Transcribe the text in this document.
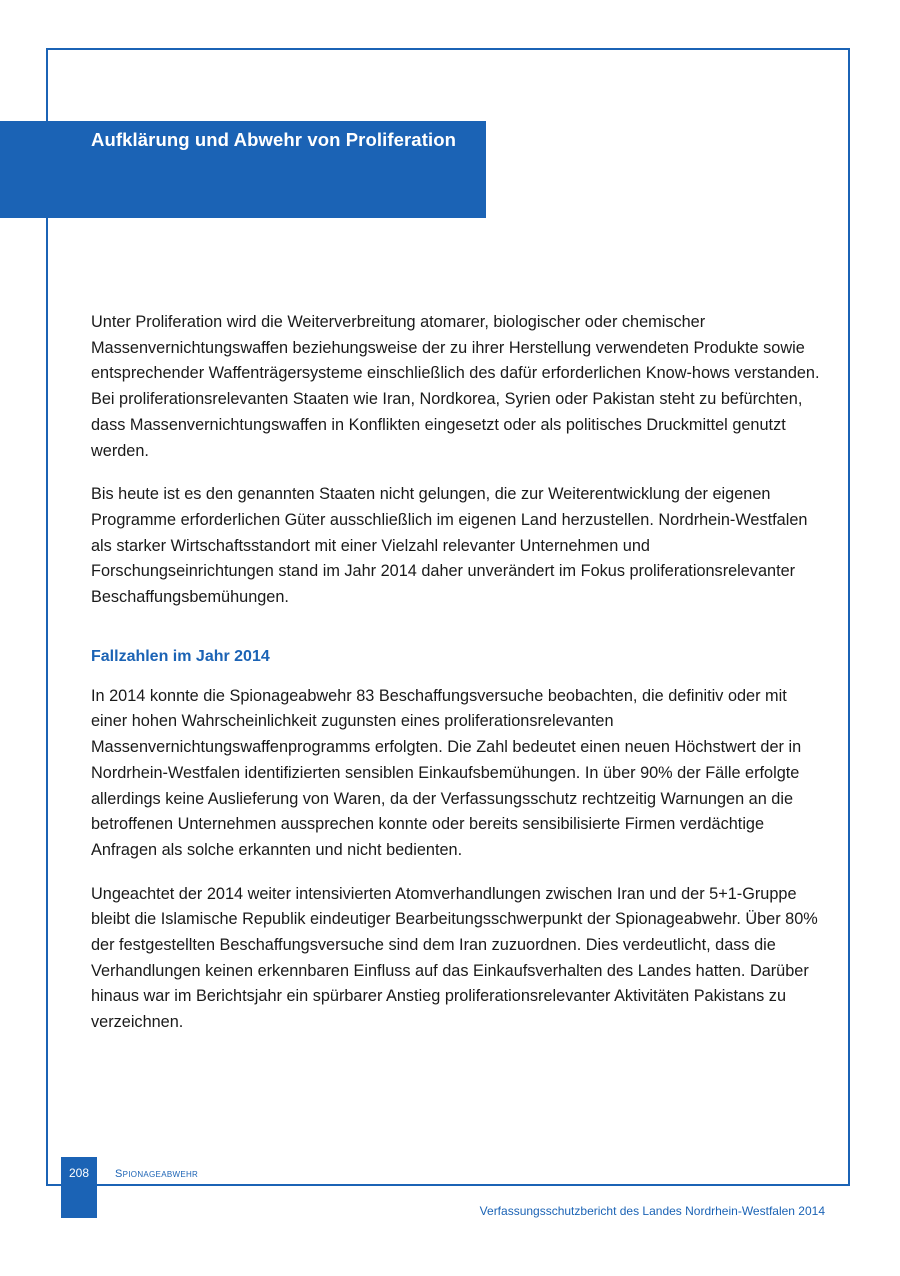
Aufklärung und Abwehr von Proliferation

Unter Proliferation wird die Weiterverbreitung atomarer, biologischer oder chemischer Massenvernichtungswaffen beziehungsweise der zu ihrer Herstellung verwendeten Produkte sowie entsprechender Waffenträgersysteme einschließlich des dafür erforderlichen Know-hows verstanden. Bei proliferationsrelevanten Staaten wie Iran, Nordkorea, Syrien oder Pakistan steht zu befürchten, dass Massenvernichtungswaffen in Konflikten eingesetzt oder als politisches Druckmittel genutzt werden.

Bis heute ist es den genannten Staaten nicht gelungen, die zur Weiterentwicklung der eigenen Programme erforderlichen Güter ausschließlich im eigenen Land herzustellen. Nordrhein-Westfalen als starker Wirtschaftsstandort mit einer Vielzahl relevanter Unternehmen und Forschungseinrichtungen stand im Jahr 2014 daher unverändert im Fokus proliferationsrelevanter Beschaffungsbemühungen.

Fallzahlen im Jahr 2014

In 2014 konnte die Spionageabwehr 83 Beschaffungsversuche beobachten, die definitiv oder mit einer hohen Wahrscheinlichkeit zugunsten eines proliferationsrelevanten Massenvernichtungswaffenprogramms erfolgten. Die Zahl bedeutet einen neuen Höchstwert der in Nordrhein-Westfalen identifizierten sensiblen Einkaufsbemühungen. In über 90% der Fälle erfolgte allerdings keine Auslieferung von Waren, da der Verfassungsschutz rechtzeitig Warnungen an die betroffenen Unternehmen aussprechen konnte oder bereits sensibilisierte Firmen verdächtige Anfragen als solche erkannten und nicht bedienten.

Ungeachtet der 2014 weiter intensivierten Atomverhandlungen zwischen Iran und der 5+1-Gruppe bleibt die Islamische Republik eindeutiger Bearbeitungsschwerpunkt der Spionageabwehr. Über 80% der festgestellten Beschaffungsversuche sind dem Iran zuzuordnen. Dies verdeutlicht, dass die Verhandlungen keinen erkennbaren Einfluss auf das Einkaufsverhalten des Landes hatten. Darüber hinaus war im Berichtsjahr ein spürbarer Anstieg proliferationsrelevanter Aktivitäten Pakistans zu verzeichnen.

208	Spionageabwehr
Verfassungsschutzbericht des Landes Nordrhein-Westfalen 2014
